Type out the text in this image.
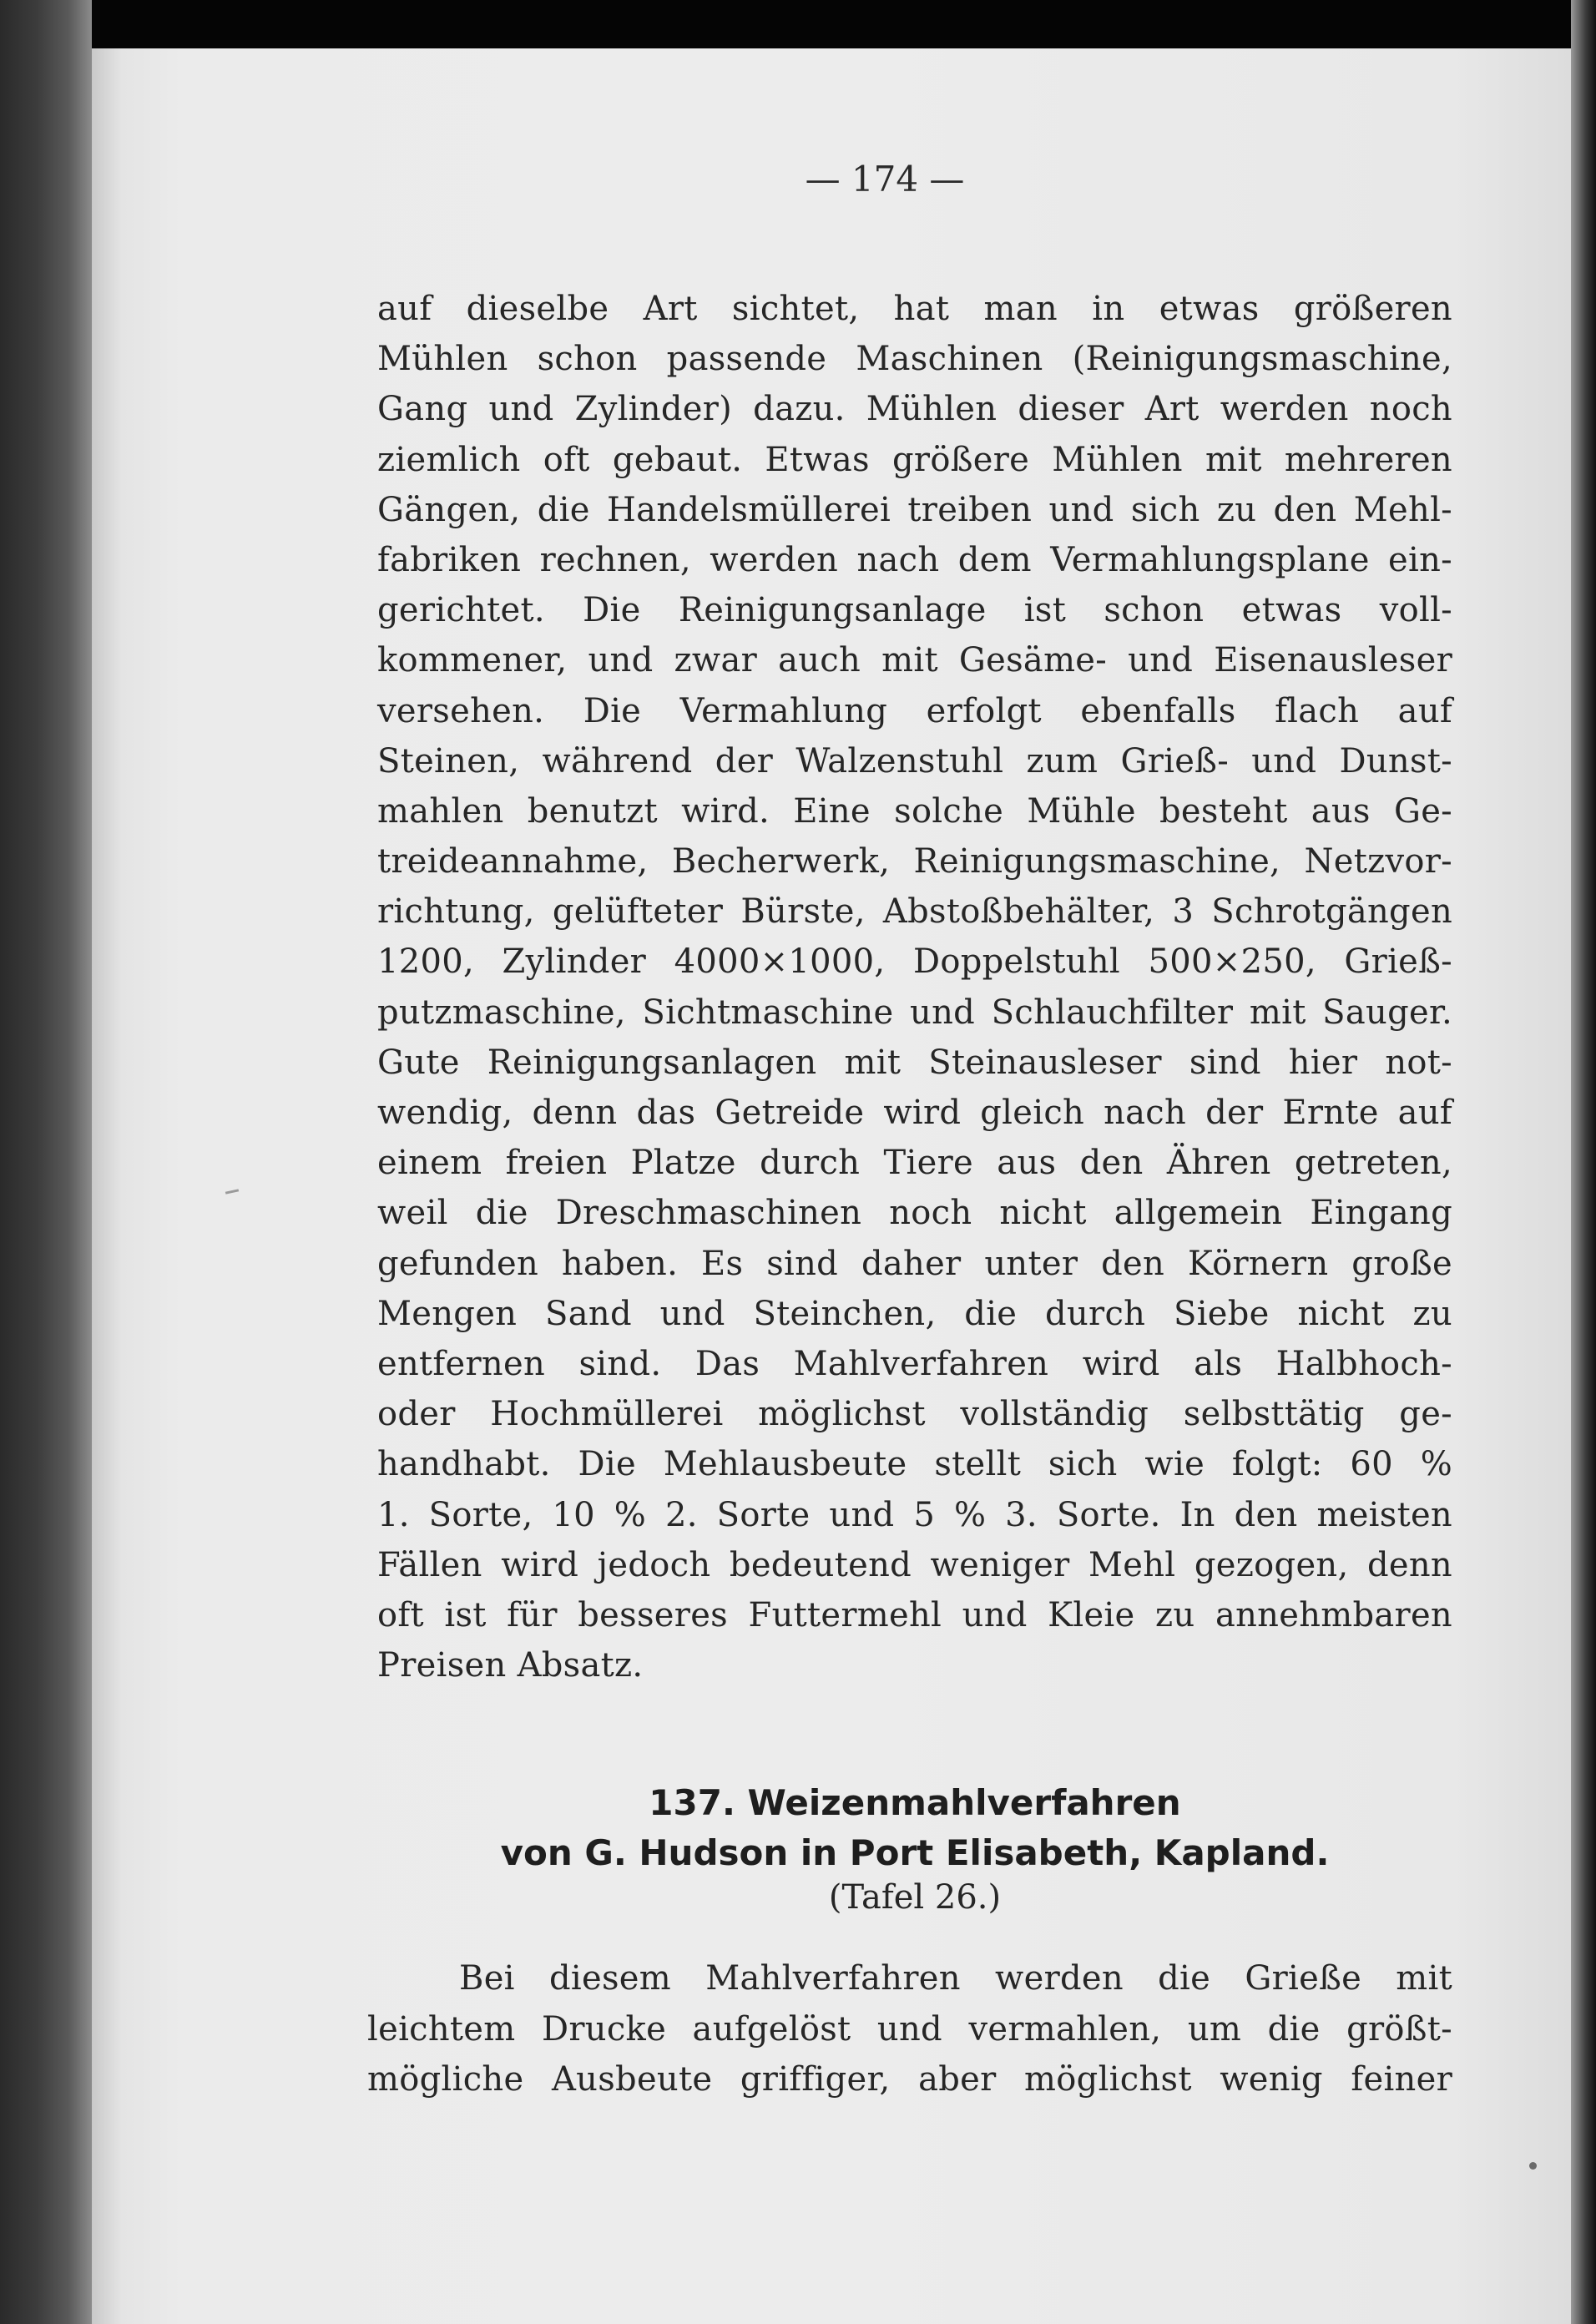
— 174 —
auf dieselbe Art sichtet, hat man in etwas größeren
Mühlen schon passende Maschinen (Reinigungsmaschine,
Gang und Zylinder) dazu. Mühlen dieser Art werden noch
ziemlich oft gebaut. Etwas größere Mühlen mit mehreren
Gängen, die Handelsmüllerei treiben und sich zu den Mehl-
fabriken rechnen, werden nach dem Vermahlungsplane ein-
gerichtet. Die Reinigungsanlage ist schon etwas voll-
kommener, und zwar auch mit Gesäme- und Eisenausleser
versehen. Die Vermahlung erfolgt ebenfalls flach auf
Steinen, während der Walzenstuhl zum Grieß- und Dunst-
mahlen benutzt wird. Eine solche Mühle besteht aus Ge-
treideannahme, Becherwerk, Reinigungsmaschine, Netzvor-
richtung, gelüfteter Bürste, Abstoßbehälter, 3 Schrotgängen
1200, Zylinder 4000×1000, Doppelstuhl 500×250, Grieß-
putzmaschine, Sichtmaschine und Schlauchfilter mit Sauger.
Gute Reinigungsanlagen mit Steinausleser sind hier not-
wendig, denn das Getreide wird gleich nach der Ernte auf
einem freien Platze durch Tiere aus den Ähren getreten,
weil die Dreschmaschinen noch nicht allgemein Eingang
gefunden haben. Es sind daher unter den Körnern große
Mengen Sand und Steinchen, die durch Siebe nicht zu
entfernen sind. Das Mahlverfahren wird als Halbhoch-
oder Hochmüllerei möglichst vollständig selbsttätig ge-
handhabt. Die Mehlausbeute stellt sich wie folgt: 60 %
1. Sorte, 10 % 2. Sorte und 5 % 3. Sorte. In den meisten
Fällen wird jedoch bedeutend weniger Mehl gezogen, denn
oft ist für besseres Futtermehl und Kleie zu annehmbaren
Preisen Absatz.
137. Weizenmahlverfahren
von G. Hudson in Port Elisabeth, Kapland.
(Tafel 26.)
Bei diesem Mahlverfahren werden die Grieße mit
leichtem Drucke aufgelöst und vermahlen, um die größt-
mögliche Ausbeute griffiger, aber möglichst wenig feiner
